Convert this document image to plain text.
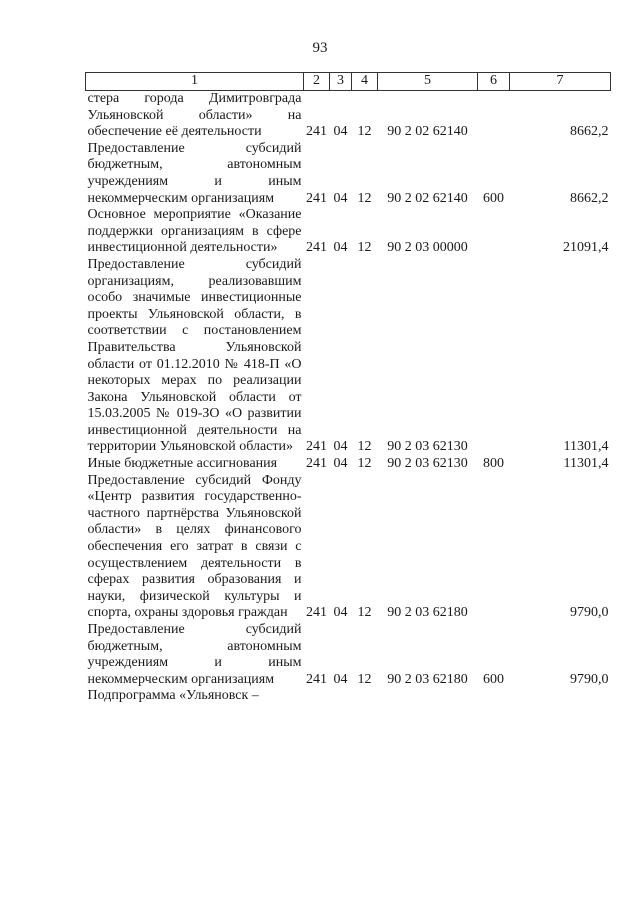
93
1	2	3	4	5	6	7
стера города Димитровграда Ульяновской области» на обеспечение её деятельности	241	04	12	90 2 02 62140		8662,2
Предоставление субсидий бюджетным, автономным учреждениям и иным некоммерческим организациям	241	04	12	90 2 02 62140	600	8662,2
Основное мероприятие «Оказание поддержки организациям в сфере инвестиционной деятельности»	241	04	12	90 2 03 00000		21091,4
Предоставление субсидий организациям, реализовавшим особо значимые инвестиционные проекты Ульяновской области, в соответствии с постановлением Правительства Ульяновской области от 01.12.2010 № 418-П «О некоторых мерах по реализации Закона Ульяновской области от 15.03.2005 № 019-ЗО «О развитии инвестиционной деятельности на территории Ульяновской области»	241	04	12	90 2 03 62130		11301,4
Иные бюджетные ассигнования	241	04	12	90 2 03 62130	800	11301,4
Предоставление субсидий Фонду «Центр развития государственно-частного партнёрства Ульяновской области» в целях финансового обеспечения его затрат в связи с осуществлением деятельности в сферах развития образования и науки, физической культуры и спорта, охраны здоровья граждан	241	04	12	90 2 03 62180		9790,0
Предоставление субсидий бюджетным, автономным учреждениям и иным некоммерческим организациям	241	04	12	90 2 03 62180	600	9790,0
Подпрограмма «Ульяновск –						
